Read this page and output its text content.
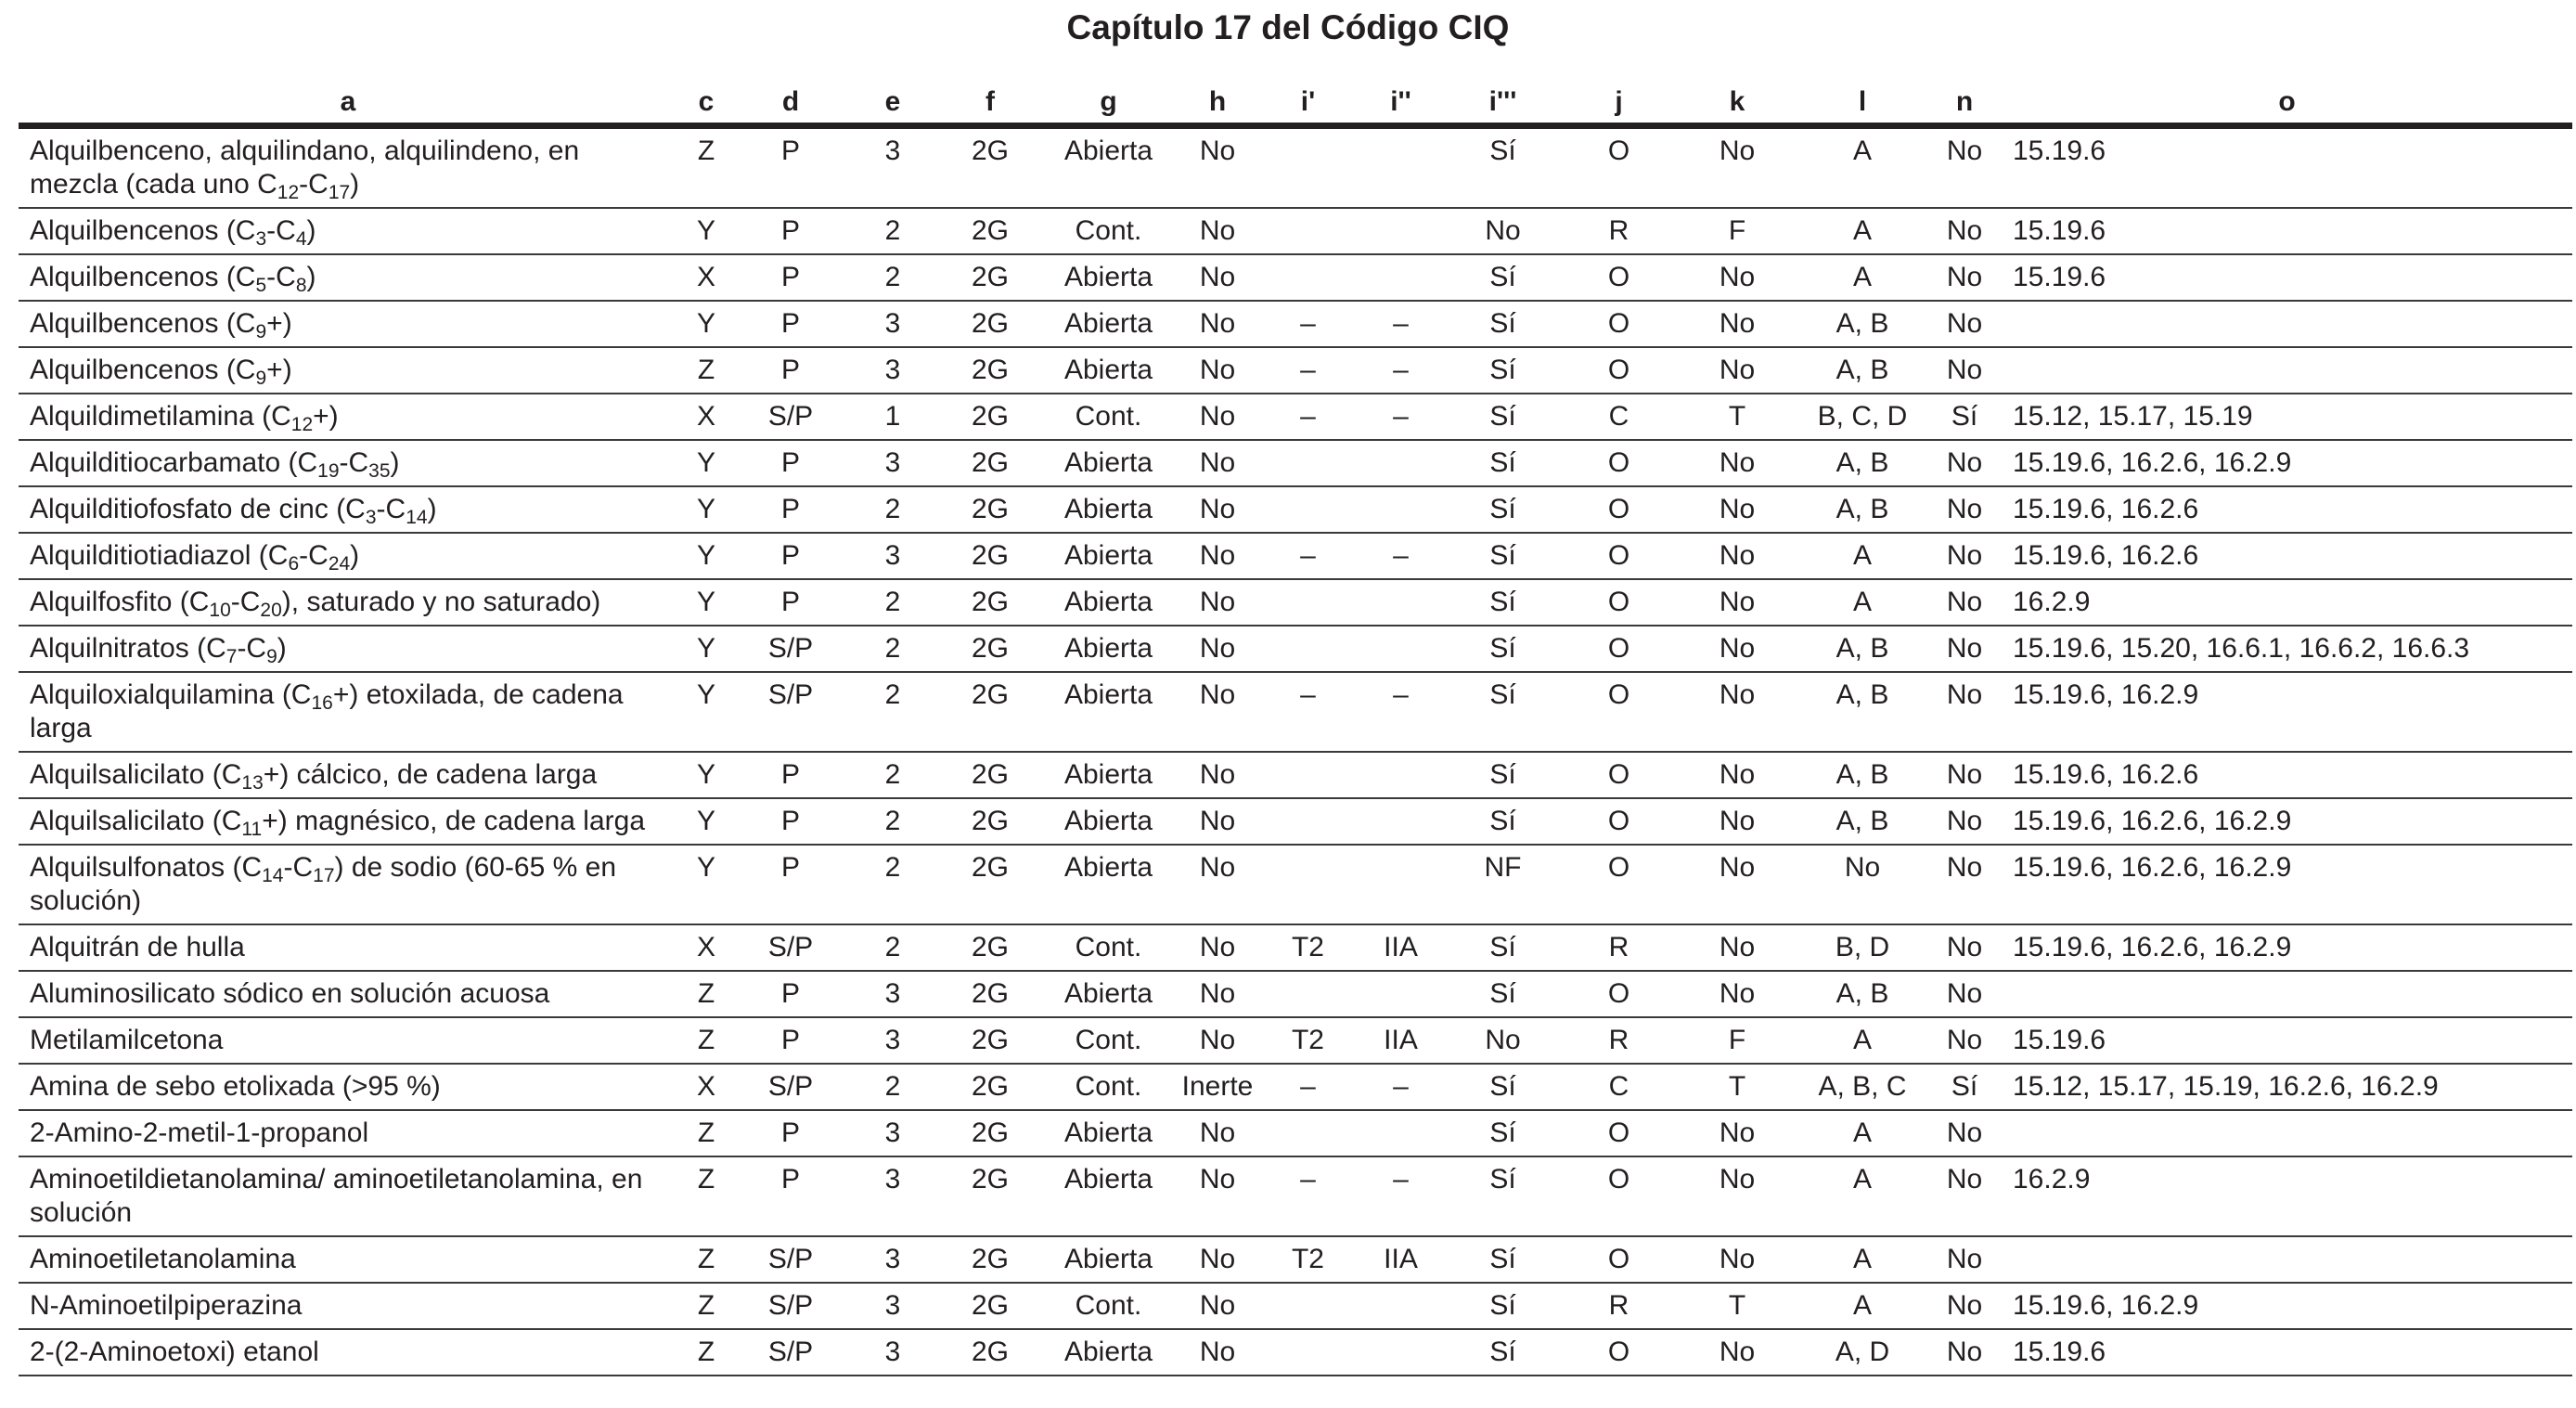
Capítulo 17 del Código CIQ
a	c	d	e	f	g	h	i'	i''	i'''	j	k	l	n	o
Alquilbenceno, alquilindano, alquilindeno, en mezcla (cada uno $C_{12}-C_{17}$)	Z	P	3	2G	Abierta	No			Sí	O	No	A	No	15.19.6
Alquilbencenos $(C_3-C_4)$	Y	P	2	2G	Cont.	No			No	R	F	A	No	15.19.6
Alquilbencenos $(C_5-C_8)$	X	P	2	2G	Abierta	No			Sí	O	No	A	No	15.19.6
Alquilbencenos $(C_9+)$	Y	P	3	2G	Abierta	No	–	–	Sí	O	No	A, B	No	
Alquilbencenos $(C_9+)$	Z	P	3	2G	Abierta	No	–	–	Sí	O	No	A, B	No	
Alquildimetilamina $(C_{12}+)$	X	S/P	1	2G	Cont.	No	–	–	Sí	C	T	B, C, D	Sí	15.12, 15.17, 15.19
Alquilditiocarbamato $(C_{19}-C_{35})$	Y	P	3	2G	Abierta	No			Sí	O	No	A, B	No	15.19.6, 16.2.6, 16.2.9
Alquilditiofosfato de cinc $(C_3-C_{14})$	Y	P	2	2G	Abierta	No			Sí	O	No	A, B	No	15.19.6, 16.2.6
Alquilditiotiadiazol $(C_6-C_{24})$	Y	P	3	2G	Abierta	No	–	–	Sí	O	No	A	No	15.19.6, 16.2.6
Alquilfosfito $(C_{10}-C_{20})$, saturado y no saturado)	Y	P	2	2G	Abierta	No			Sí	O	No	A	No	16.2.9
Alquilnitratos $(C_7-C_9)$	Y	S/P	2	2G	Abierta	No			Sí	O	No	A, B	No	15.19.6, 15.20, 16.6.1, 16.6.2, 16.6.3
Alquiloxialquilamina $(C_{16}+)$ etoxilada, de cadena larga	Y	S/P	2	2G	Abierta	No	–	–	Sí	O	No	A, B	No	15.19.6, 16.2.9
Alquilsalicilato $(C_{13}+)$ cálcico, de cadena larga	Y	P	2	2G	Abierta	No			Sí	O	No	A, B	No	15.19.6, 16.2.6
Alquilsalicilato $(C_{11}+)$ magnésico, de cadena larga	Y	P	2	2G	Abierta	No			Sí	O	No	A, B	No	15.19.6, 16.2.6, 16.2.9
Alquilsulfonatos $(C_{14}-C_{17})$ de sodio (60-65 % en solución)	Y	P	2	2G	Abierta	No			NF	O	No	No	No	15.19.6, 16.2.6, 16.2.9
Alquitrán de hulla	X	S/P	2	2G	Cont.	No	T2	IIA	Sí	R	No	B, D	No	15.19.6, 16.2.6, 16.2.9
Aluminosilicato sódico en solución acuosa	Z	P	3	2G	Abierta	No			Sí	O	No	A, B	No	
Metilamilcetona	Z	P	3	2G	Cont.	No	T2	IIA	No	R	F	A	No	15.19.6
Amina de sebo etolixada (>95 %)	X	S/P	2	2G	Cont.	Inerte	–	–	Sí	C	T	A, B, C	Sí	15.12, 15.17, 15.19, 16.2.6, 16.2.9
2-Amino-2-metil-1-propanol	Z	P	3	2G	Abierta	No			Sí	O	No	A	No	
Aminoetildietanolamina/ aminoetiletanolamina, en solución	Z	P	3	2G	Abierta	No	–	–	Sí	O	No	A	No	16.2.9
Aminoetiletanolamina	Z	S/P	3	2G	Abierta	No	T2	IIA	Sí	O	No	A	No	
N-Aminoetilpiperazina	Z	S/P	3	2G	Cont.	No			Sí	R	T	A	No	15.19.6, 16.2.9
2-(2-Aminoetoxi) etanol	Z	S/P	3	2G	Abierta	No			Sí	O	No	A, D	No	15.19.6
